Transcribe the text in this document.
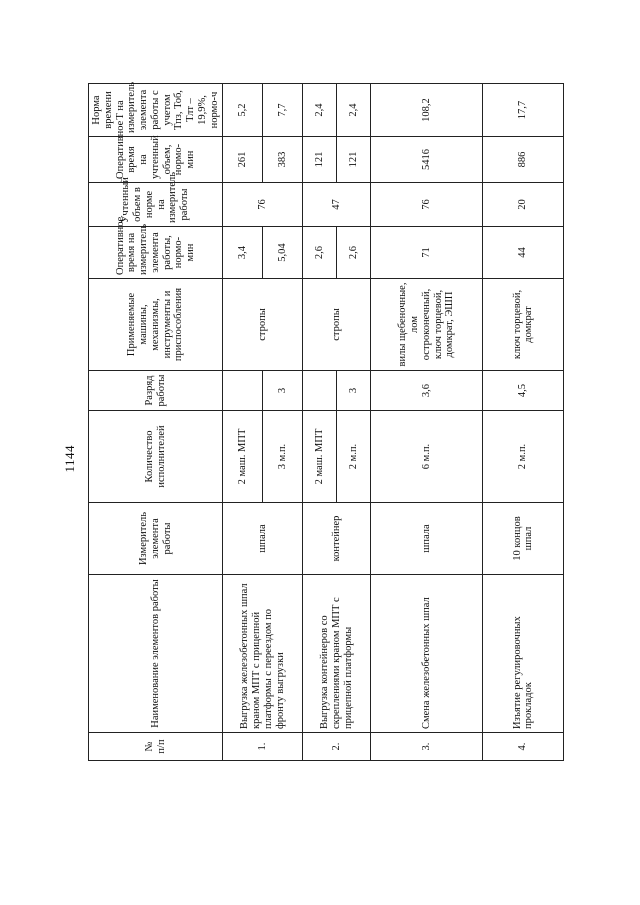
1144
№
п/п	Наименование элементов работы	Измеритель элемента работы	Количество исполнителей	Разряд работы	Применяемые машины, механизмы, инструменты и приспособления	Оперативное время на измеритель элемента работы, нормо-мин	Учтенный объем в норме на измеритель работы	Оперативное время на учтенный объем, нормо-мин	Норма времени Т на измеритель элемента работы с учетом Тпз, Тоб, Тлт – 19,9%, нормо-ч
1.	Выгрузка железобетонных шпал краном МПТ с прицепной платформы с переездом по фронту выгрузки	шпала	2 маш. МПТ		стропы	3,4	76	261	5,2
			3 м.п.	3		5,04		383	7,7
2.	Выгрузка контейнеров со скреплениями краном МПТ с прицепной платформы	контейнер	2 маш. МПТ		стропы	2,6	47	121	2,4
			2 м.п.	3		2,6		121	2,4
3.	Смена железобетонных шпал	шпала	6 м.п.	3,6	вилы щебеночные, лом остроконечный, ключ торцевой, домкрат, ЭШП	71	76	5416	108,2
4.	Изъятие регулировочных прокладок	10 концов шпал	2 м.п.	4,5	ключ торцевой, домкрат	44	20	886	17,7
